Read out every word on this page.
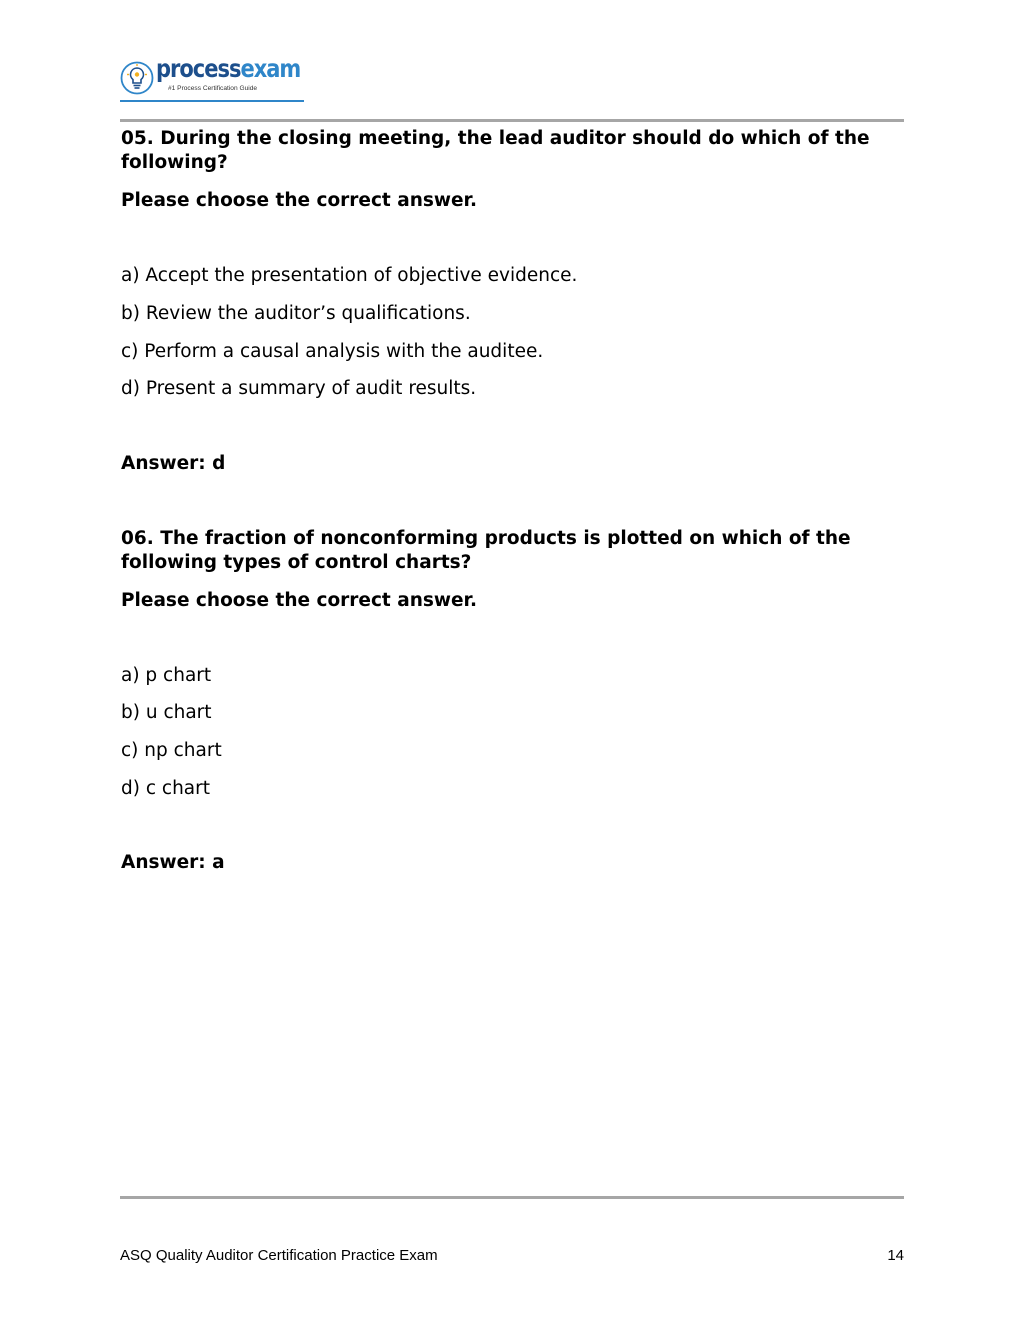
processexam
#1 Process Certification Guide

05. During the closing meeting, the lead auditor should do which of the following?

Please choose the correct answer.

a) Accept the presentation of objective evidence.
b) Review the auditor’s qualifications.
c) Perform a causal analysis with the auditee.
d) Present a summary of audit results.
Answer: d

06. The fraction of nonconforming products is plotted on which of the following types of control charts?

Please choose the correct answer.

a) p chart
b) u chart
c) np chart
d) c chart
Answer: a
ASQ Quality Auditor Certification Practice Exam	14
